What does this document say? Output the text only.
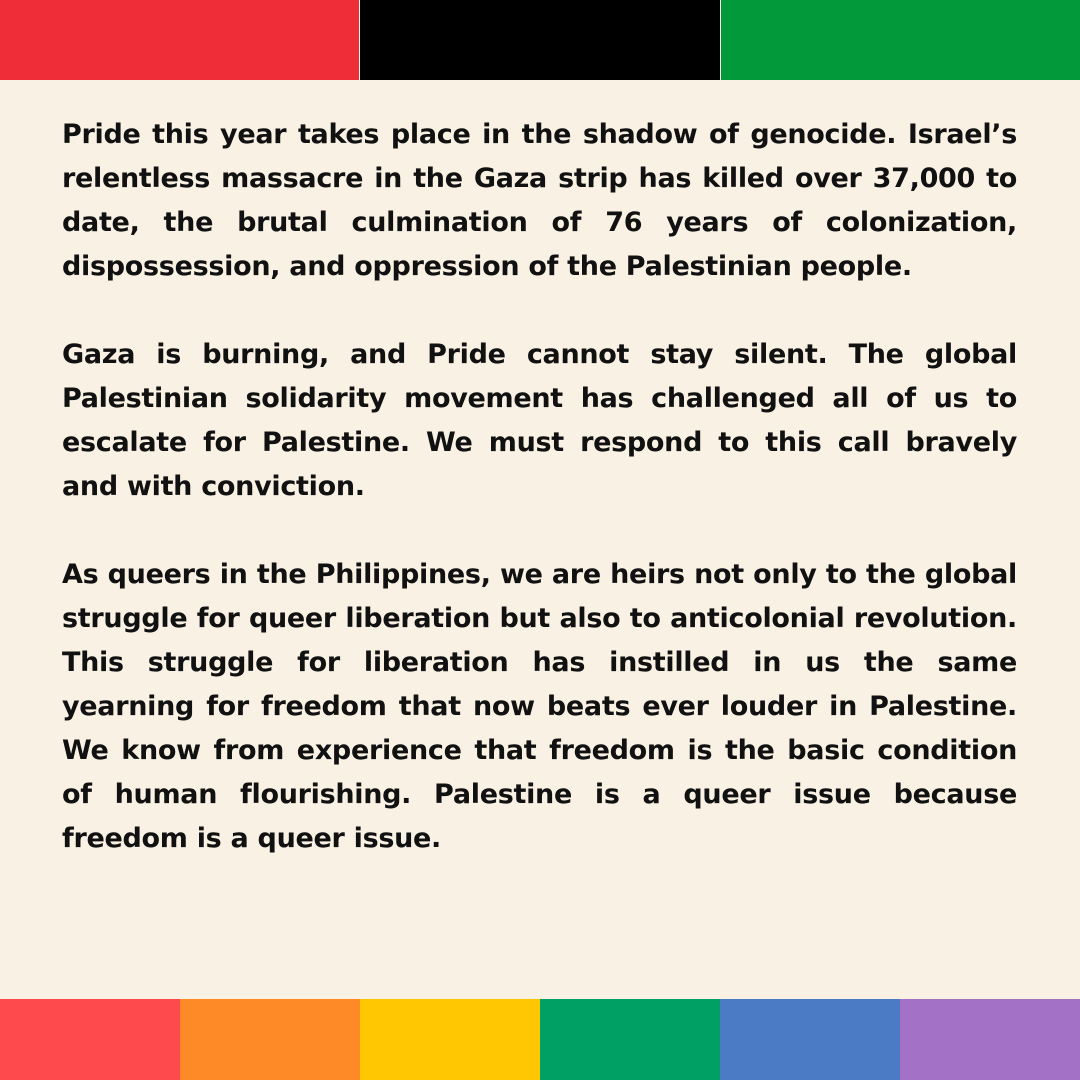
Pride this year takes place in the shadow of genocide. Israel’s relentless massacre in the Gaza strip has killed over 37,000 to date, the brutal culmination of 76 years of colonization, dispossession, and oppression of the Palestinian people.

Gaza is burning, and Pride cannot stay silent. The global Palestinian solidarity movement has challenged all of us to escalate for Palestine. We must respond to this call bravely and with conviction.

As queers in the Philippines, we are heirs not only to the global struggle for queer liberation but also to anticolonial revolution. This struggle for liberation has instilled in us the same yearning for freedom that now beats ever louder in Palestine. We know from experience that freedom is the basic condition of human flourishing. Palestine is a queer issue because freedom is a queer issue.
